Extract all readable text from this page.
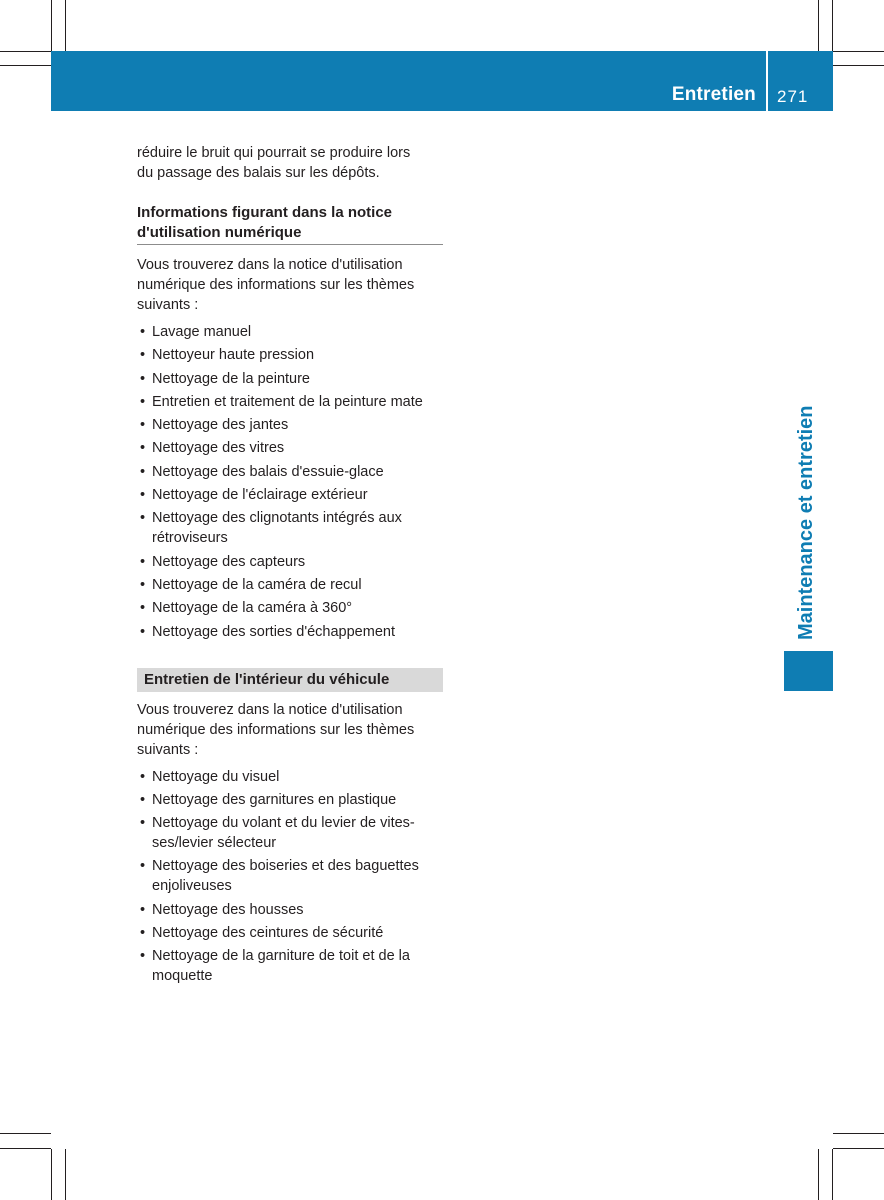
Entretien 271
Maintenance et entretien

réduire le bruit qui pourrait se produire lors
du passage des balais sur les dépôts.

Informations figurant dans la notice
d'utilisation numérique

Vous trouverez dans la notice d'utilisation
numérique des informations sur les thèmes
suivants :

• Lavage manuel
• Nettoyeur haute pression
• Nettoyage de la peinture
• Entretien et traitement de la peinture mate
• Nettoyage des jantes
• Nettoyage des vitres
• Nettoyage des balais d'essuie-glace
• Nettoyage de l'éclairage extérieur
• Nettoyage des clignotants intégrés aux
rétroviseurs
• Nettoyage des capteurs
• Nettoyage de la caméra de recul
• Nettoyage de la caméra à 360°
• Nettoyage des sorties d'échappement
Entretien de l'intérieur du véhicule

Vous trouverez dans la notice d'utilisation
numérique des informations sur les thèmes
suivants :

• Nettoyage du visuel
• Nettoyage des garnitures en plastique
• Nettoyage du volant et du levier de vites-
ses/levier sélecteur
• Nettoyage des boiseries et des baguettes
enjoliveuses
• Nettoyage des housses
• Nettoyage des ceintures de sécurité
• Nettoyage de la garniture de toit et de la
moquette
